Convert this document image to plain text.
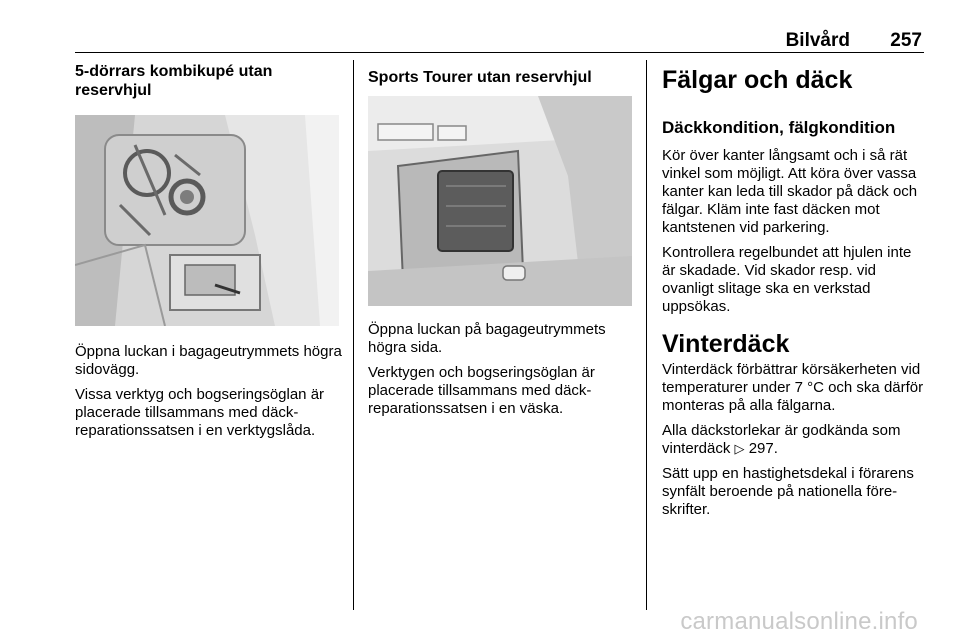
Bilvård 257
5-dörrars kombikupé utan reservhjul

Öppna luckan i bagageutrymmets högra sidovägg.

Vissa verktyg och bogseringsöglan är placerade tillsammans med däck-reparationssatsen i en verktygslåda.

Sports Tourer utan reservhjul

Öppna luckan på bagageutrymmets högra sida.

Verktygen och bogseringsöglan är placerade tillsammans med däck-reparationssatsen i en väska.

Fälgar och däck
Däckkondition, fälgkondition

Kör över kanter långsamt och i så rät vinkel som möjligt. Att köra över vassa kanter kan leda till skador på däck och fälgar. Kläm inte fast däcken mot kantstenen vid parkering.

Kontrollera regelbundet att hjulen inte är skadade. Vid skador resp. vid ovanligt slitage ska en verkstad uppsökas.

Vinterdäck

Vinterdäck förbättrar körsäkerheten vid temperaturer under 7 °C och ska därför monteras på alla fälgarna.

Alla däckstorlekar är godkända som vinterdäck ▷ 297.

Sätt upp en hastighetsdekal i förarens synfält beroende på nationella före-skrifter.

carmanualsonline.info
